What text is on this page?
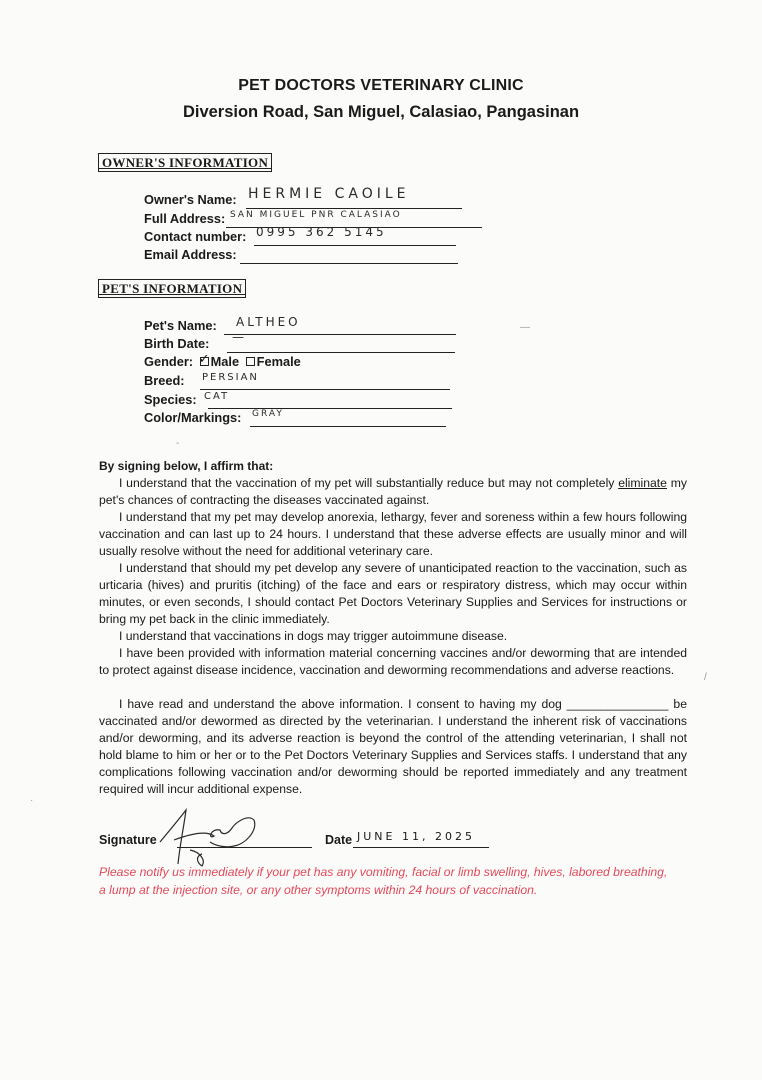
PET DOCTORS VETERINARY CLINIC
Diversion Road, San Miguel, Calasiao, Pangasinan
OWNER'S INFORMATION
Owner's Name: HERMIE CAOILE
Full Address: SAN MIGUEL PNR CALASIAO
Contact number: 0995 362 5145
Email Address:
PET'S INFORMATION
Pet's Name: ALTHEO
Birth Date: —
Gender: ✓ Male Female
Breed: PERSIAN
Species: CAT
Color/Markings: GRAY
By signing below, I affirm that:
I understand that the vaccination of my pet will substantially reduce but may not completely eliminate my pet's chances of contracting the diseases vaccinated against.
I understand that my pet may develop anorexia, lethargy, fever and soreness within a few hours following vaccination and can last up to 24 hours. I understand that these adverse effects are usually minor and will usually resolve without the need for additional veterinary care.
I understand that should my pet develop any severe of unanticipated reaction to the vaccination, such as urticaria (hives) and pruritis (itching) of the face and ears or respiratory distress, which may occur within minutes, or even seconds, I should contact Pet Doctors Veterinary Supplies and Services for instructions or bring my pet back in the clinic immediately.
I understand that vaccinations in dogs may trigger autoimmune disease.
I have been provided with information material concerning vaccines and/or deworming that are intended to protect against disease incidence, vaccination and deworming recommendations and adverse reactions.
I have read and understand the above information. I consent to having my dog _______________ be vaccinated and/or dewormed as directed by the veterinarian. I understand the inherent risk of vaccinations and/or deworming, and its adverse reaction is beyond the control of the attending veterinarian, I shall not hold blame to him or her or to the Pet Doctors Veterinary Supplies and Services staffs. I understand that any complications following vaccination and/or deworming should be reported immediately and any treatment required will incur additional expense.
Signature	Date JUNE 11, 2025
Please notify us immediately if your pet has any vomiting, facial or limb swelling, hives, labored breathing, a lump at the injection site, or any other symptoms within 24 hours of vaccination.
—
-
/
·
